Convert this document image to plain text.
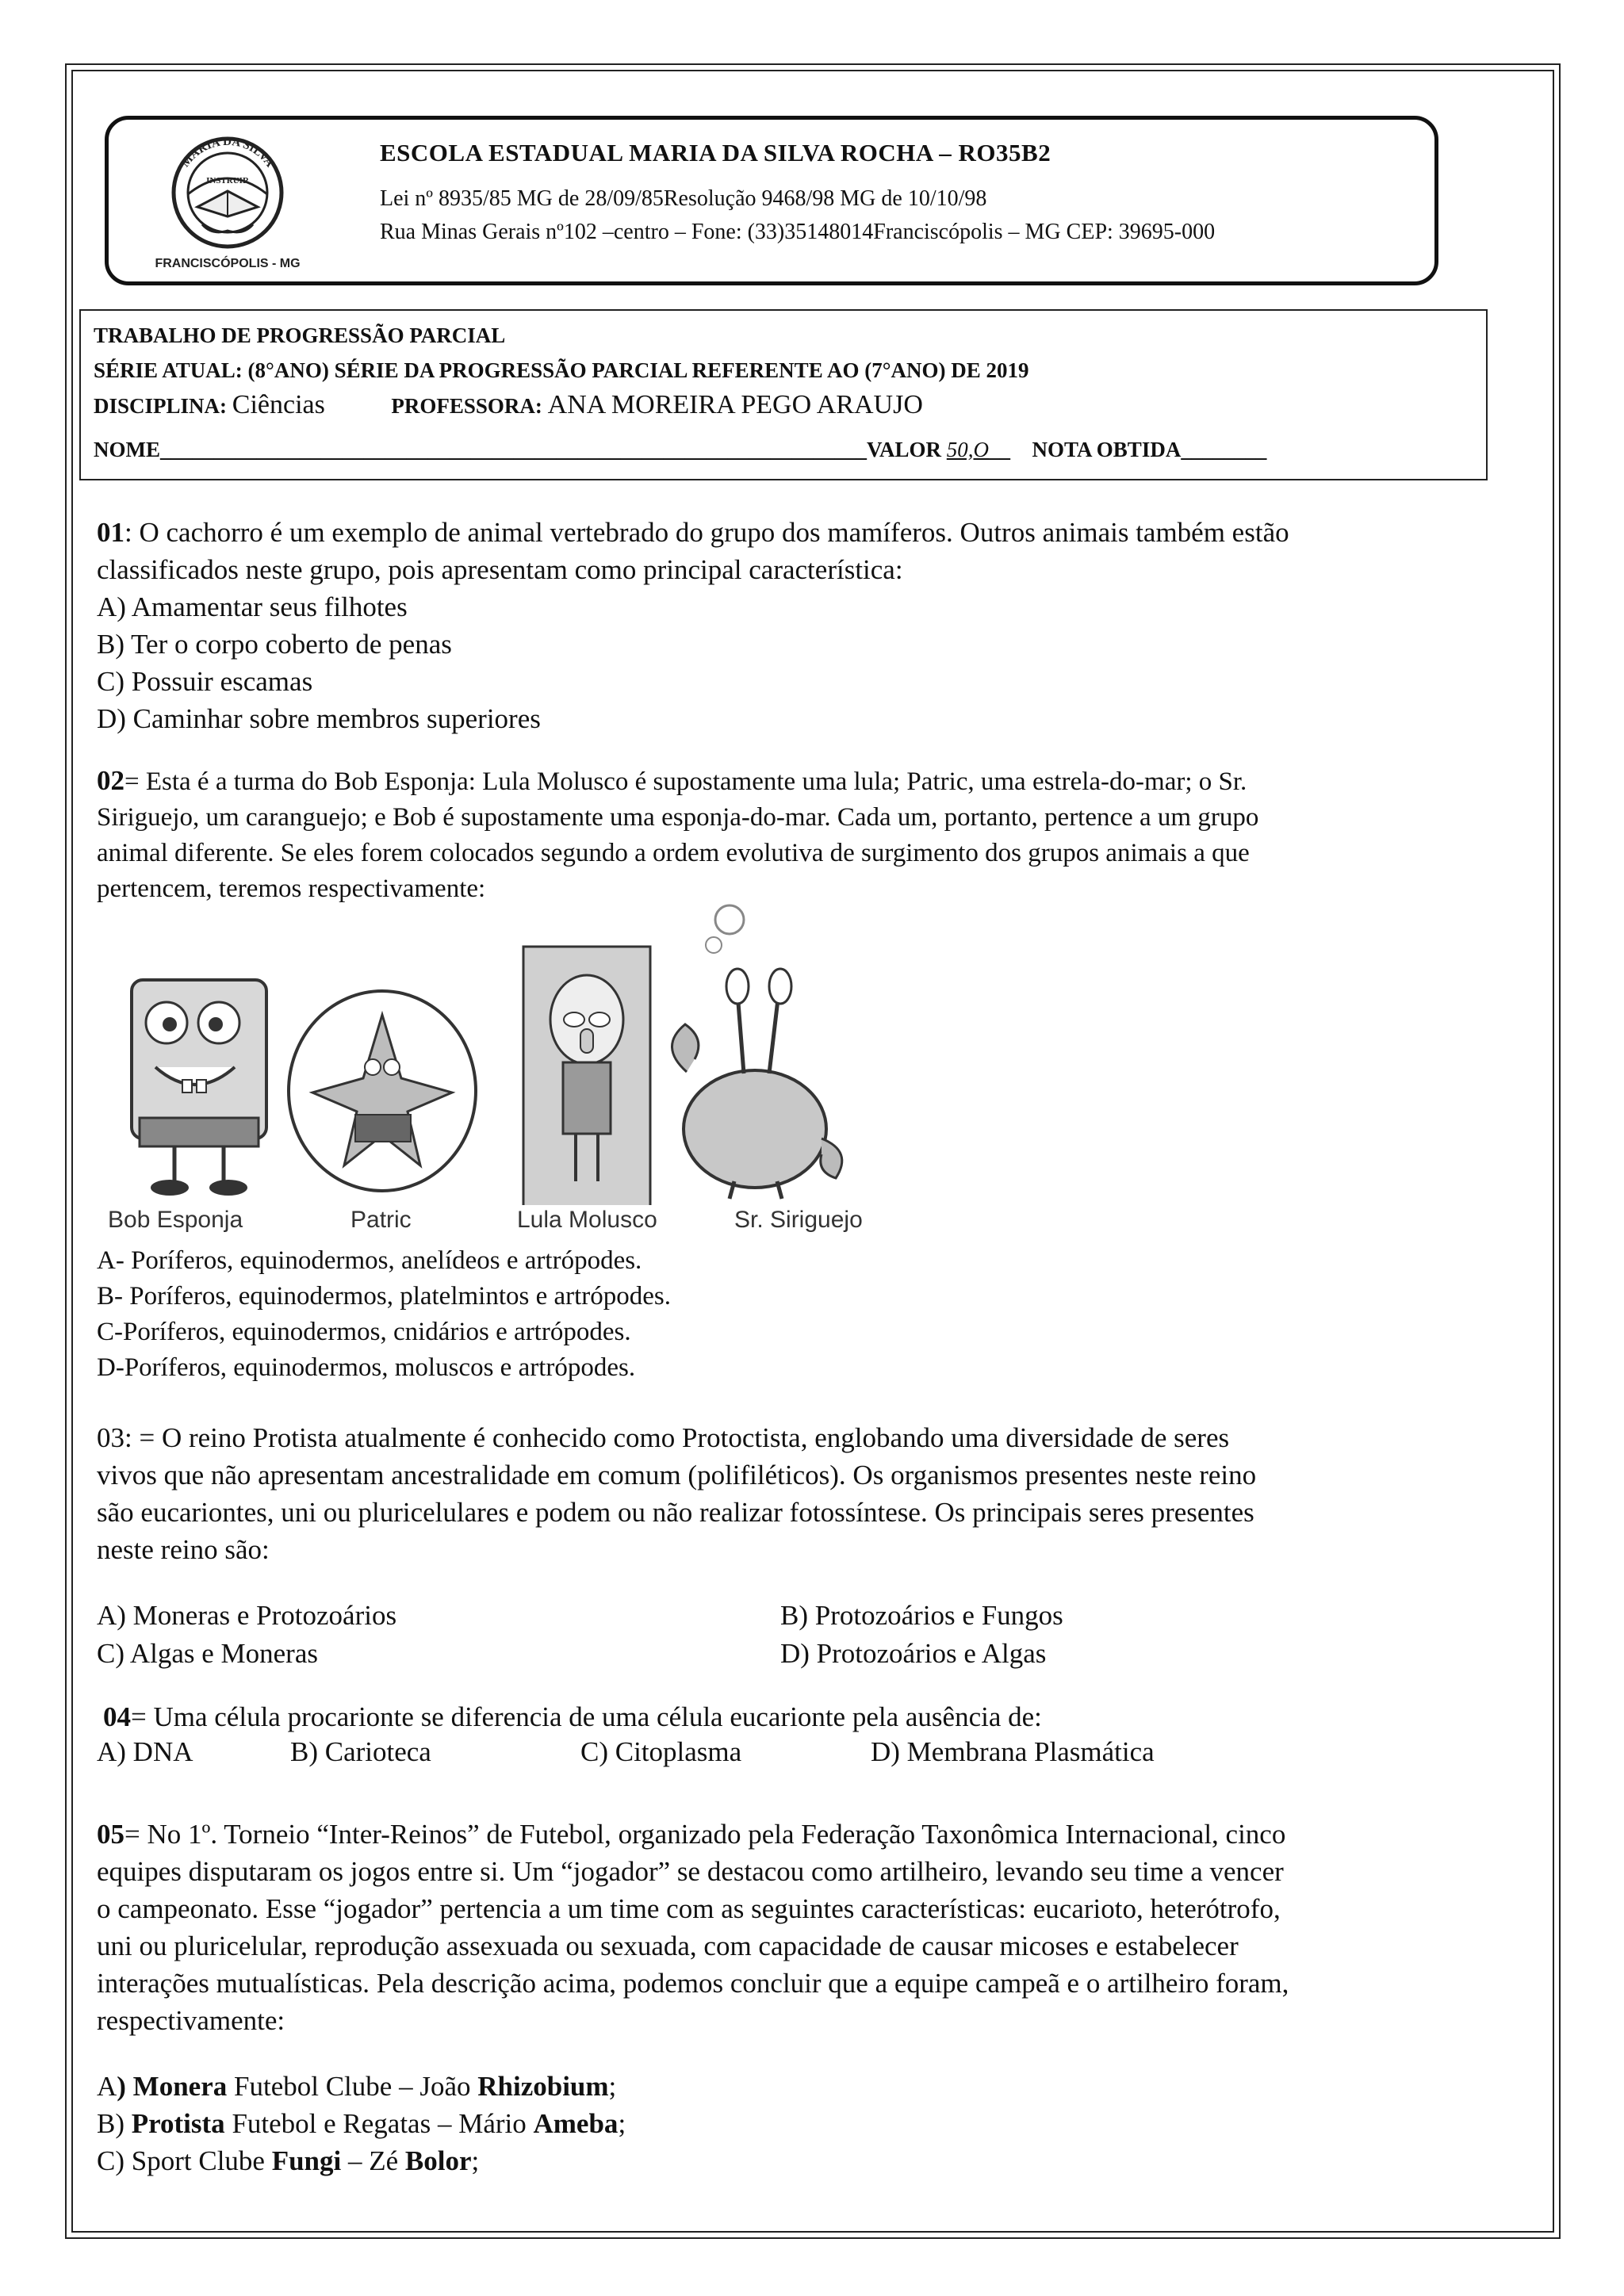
MARIA DA SILVA
INSTRUIR
FRANCISCÓPOLIS - MG
ESCOLA ESTADUAL MARIA DA SILVA ROCHA – RO35B2
Lei nº 8935/85 MG de 28/09/85Resolução 9468/98 MG de 10/10/98
Rua Minas Gerais nº102 –centro – Fone: (33)35148014Franciscópolis – MG CEP: 39695-000
TRABALHO DE PROGRESSÃO PARCIAL
SÉRIE ATUAL: (8°ANO) SÉRIE DA PROGRESSÃO PARCIAL REFERENTE AO (7°ANO) DE 2019
DISCIPLINA: Ciências	PROFESSORA: ANA MOREIRA PEGO ARAUJO
NOME__________________________________________________________________VALOR 50,O__ NOTA OBTIDA________

01: O cachorro é um exemplo de animal vertebrado do grupo dos mamíferos. Outros animais também estão

classificados neste grupo, pois apresentam como principal característica:

A) Amamentar seus filhotes

B) Ter o corpo coberto de penas

C) Possuir escamas

D) Caminhar sobre membros superiores

02= Esta é a turma do Bob Esponja: Lula Molusco é supostamente uma lula; Patric, uma estrela-do-mar; o Sr.

Siriguejo, um caranguejo; e Bob é supostamente uma esponja-do-mar. Cada um, portanto, pertence a um grupo

animal diferente. Se eles forem colocados segundo a ordem evolutiva de surgimento dos grupos animais a que

pertencem, teremos respectivamente:

Bob Esponja	Patric	Lula Molusco	Sr. Siriguejo

A- Poríferos, equinodermos, anelídeos e artrópodes.

B- Poríferos, equinodermos, platelmintos e artrópodes.

C-Poríferos, equinodermos, cnidários e artrópodes.

D-Poríferos, equinodermos, moluscos e artrópodes.

03: = O reino Protista atualmente é conhecido como Protoctista, englobando uma diversidade de seres

vivos que não apresentam ancestralidade em comum (polifiléticos). Os organismos presentes neste reino

são eucariontes, uni ou pluricelulares e podem ou não realizar fotossíntese. Os principais seres presentes

neste reino são:

A) Moneras e Protozoários	B) Protozoários e Fungos
C) Algas e Moneras	D) Protozoários e Algas

04= Uma célula procarionte se diferencia de uma célula eucarionte pela ausência de:

A) DNA	B) Carioteca	C) Citoplasma	D) Membrana Plasmática

05= No 1º. Torneio “Inter-Reinos” de Futebol, organizado pela Federação Taxonômica Internacional, cinco

equipes disputaram os jogos entre si. Um “jogador” se destacou como artilheiro, levando seu time a vencer

o campeonato. Esse “jogador” pertencia a um time com as seguintes características: eucarioto, heterótrofo,

uni ou pluricelular, reprodução assexuada ou sexuada, com capacidade de causar micoses e estabelecer

interações mutualísticas. Pela descrição acima, podemos concluir que a equipe campeã e o artilheiro foram,

respectivamente:

A) Monera Futebol Clube – João Rhizobium;

B) Protista Futebol e Regatas – Mário Ameba;

C) Sport Clube Fungi – Zé Bolor;
